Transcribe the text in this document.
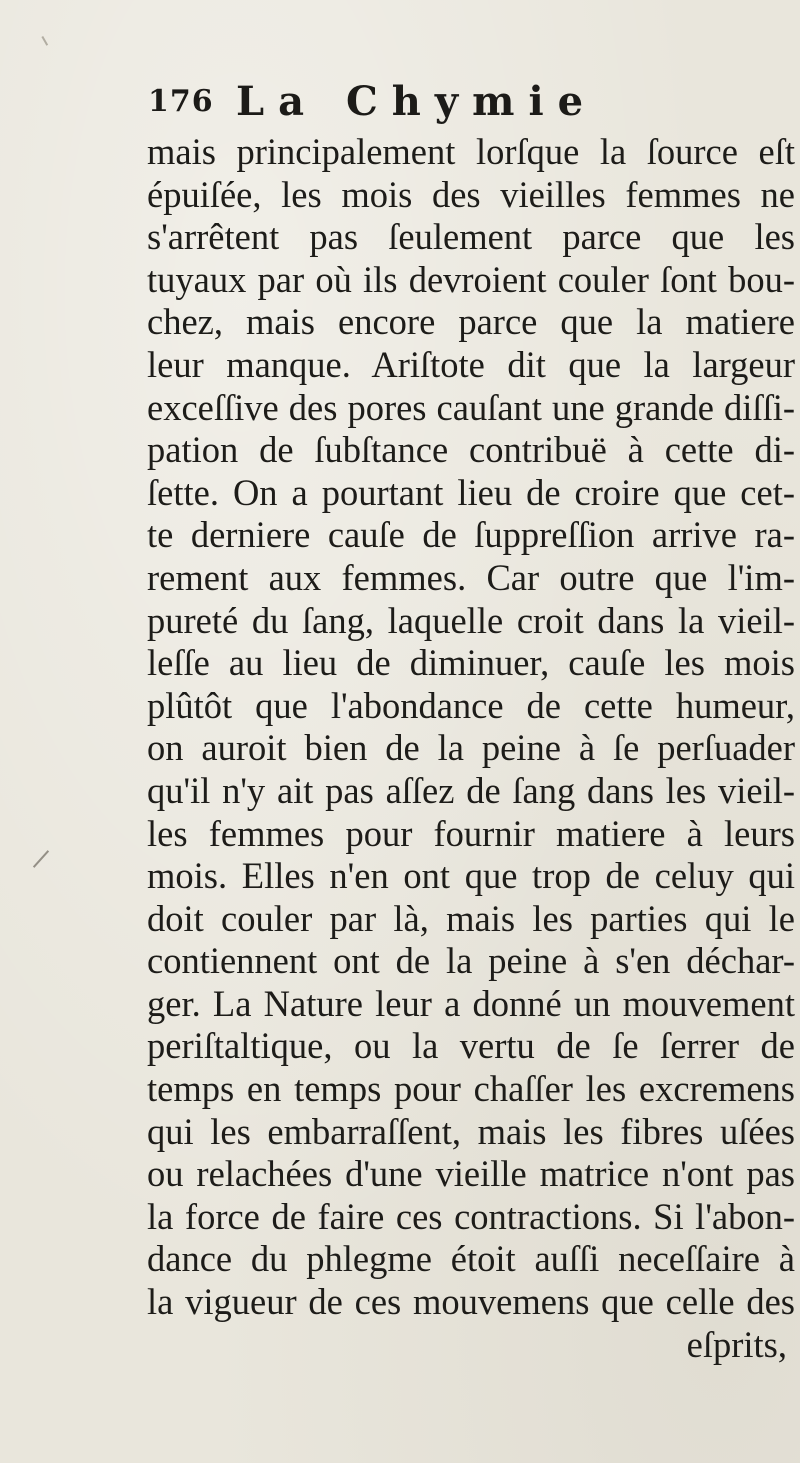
176 La Chymie
mais principalement lorſque la ſource eſt
épuiſée, les mois des vieilles femmes ne
s'arrêtent pas ſeulement parce que les
tuyaux par où ils devroient couler ſont bou-
chez, mais encore parce que la matiere
leur manque. Ariſtote dit que la largeur
exceſſive des pores cauſant une grande diſſi-
pation de ſubſtance contribuë à cette di-
ſette. On a pourtant lieu de croire que cet-
te derniere cauſe de ſuppreſſion arrive ra-
rement aux femmes. Car outre que l'im-
pureté du ſang, laquelle croit dans la vieil-
leſſe au lieu de diminuer, cauſe les mois
plûtôt que l'abondance de cette humeur,
on auroit bien de la peine à ſe perſuader
qu'il n'y ait pas aſſez de ſang dans les vieil-
les femmes pour fournir matiere à leurs
mois. Elles n'en ont que trop de celuy qui
doit couler par là, mais les parties qui le
contiennent ont de la peine à s'en déchar-
ger. La Nature leur a donné un mouvement
periſtaltique, ou la vertu de ſe ſerrer de
temps en temps pour chaſſer les excremens
qui les embarraſſent, mais les fibres uſées
ou relachées d'une vieille matrice n'ont pas
la force de faire ces contractions. Si l'abon-
dance du phlegme étoit auſſi neceſſaire à
la vigueur de ces mouvemens que celle des
eſprits,
